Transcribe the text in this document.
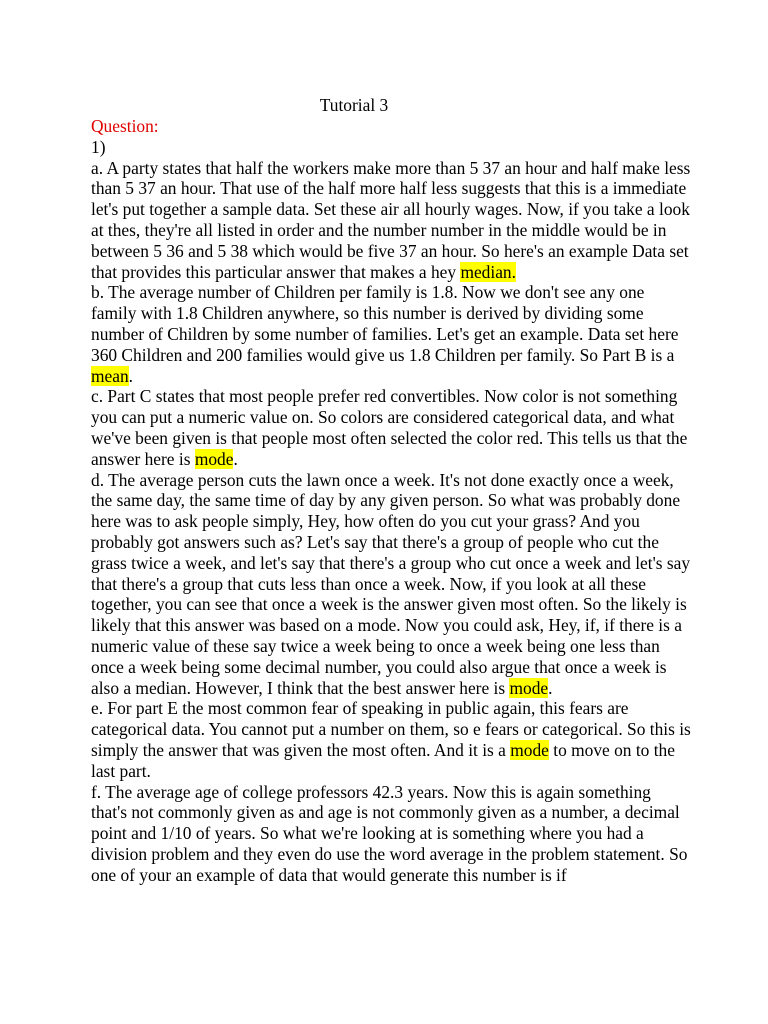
Tutorial 3

Question:

1)

a. A party states that half the workers make more than 5 37 an hour and half make less than 5 37 an hour. That use of the half more half less suggests that this is a immediate let's put together a sample data. Set these air all hourly wages. Now, if you take a look at thes, they're all listed in order and the number number in the middle would be in between 5 36 and 5 38 which would be five 37 an hour. So here's an example Data set that provides this particular answer that makes a hey median.

b. The average number of Children per family is 1.8. Now we don't see any one family with 1.8 Children anywhere, so this number is derived by dividing some number of Children by some number of families. Let's get an example. Data set here 360 Children and 200 families would give us 1.8 Children per family. So Part B is a mean.

c. Part C states that most people prefer red convertibles. Now color is not something you can put a numeric value on. So colors are considered categorical data, and what we've been given is that people most often selected the color red. This tells us that the answer here is mode.

d. The average person cuts the lawn once a week. It's not done exactly once a week, the same day, the same time of day by any given person. So what was probably done here was to ask people simply, Hey, how often do you cut your grass? And you probably got answers such as? Let's say that there's a group of people who cut the grass twice a week, and let's say that there's a group who cut once a week and let's say that there's a group that cuts less than once a week. Now, if you look at all these together, you can see that once a week is the answer given most often. So the likely is likely that this answer was based on a mode. Now you could ask, Hey, if, if there is a numeric value of these say twice a week being to once a week being one less than once a week being some decimal number, you could also argue that once a week is also a median. However, I think that the best answer here is mode.

e. For part E the most common fear of speaking in public again, this fears are categorical data. You cannot put a number on them, so e fears or categorical. So this is simply the answer that was given the most often. And it is a mode to move on to the last part.

f. The average age of college professors 42.3 years. Now this is again something that's not commonly given as and age is not commonly given as a number, a decimal point and 1/10 of years. So what we're looking at is something where you had a division problem and they even do use the word average in the problem statement. So one of your an example of data that would generate this number is if
